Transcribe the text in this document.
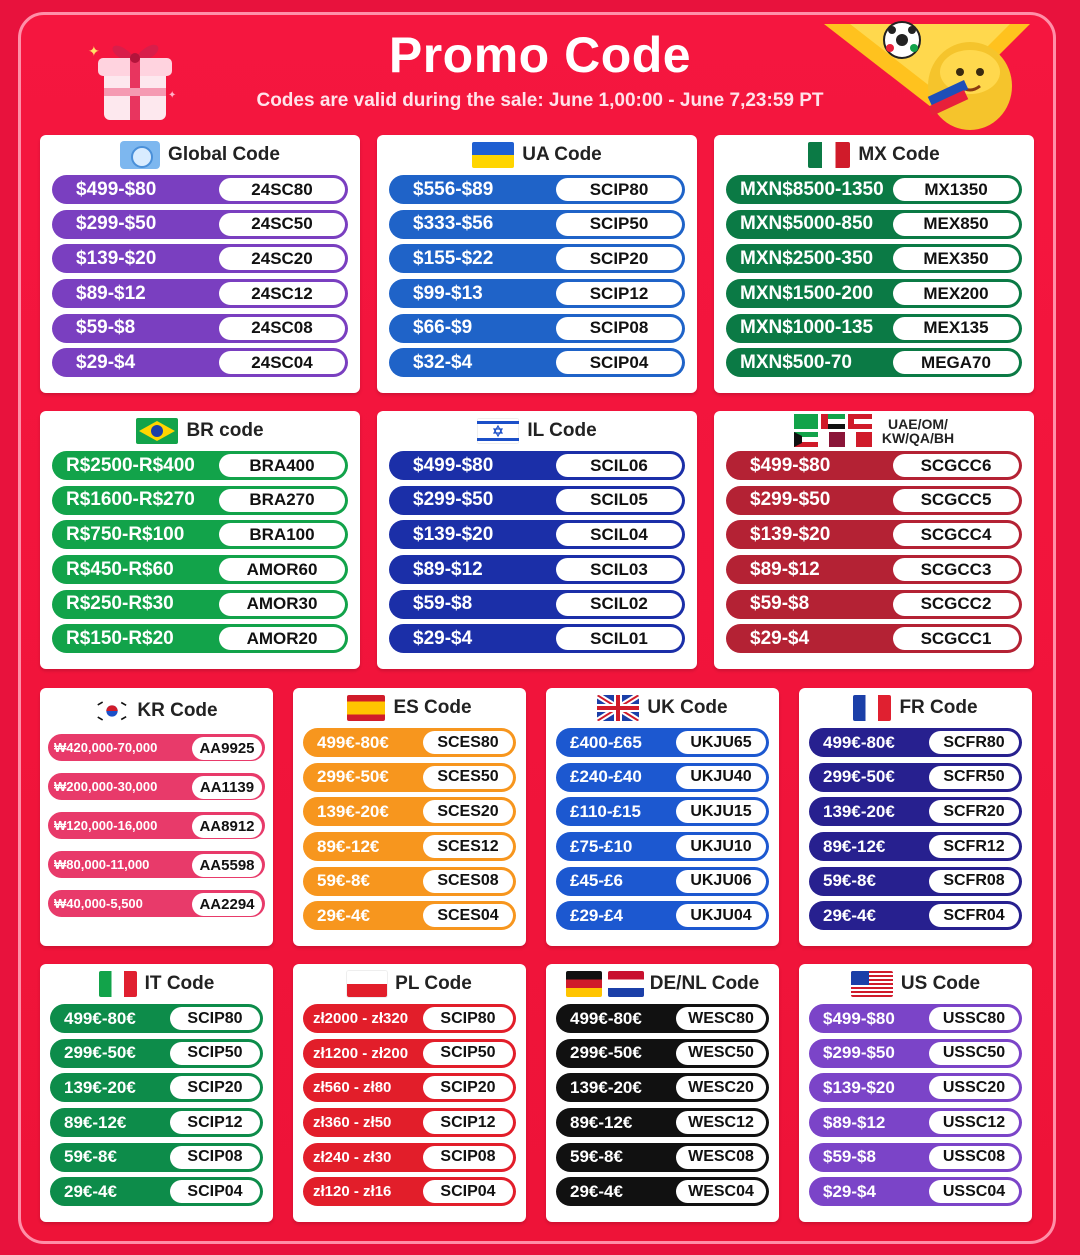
✦
✦
Promo Code
Codes are valid during the sale: June 1,00:00 - June 7,23:59 PT
Global Code
$499-$80	24SC80
$299-$50	24SC50
$139-$20	24SC20
$89-$12	24SC12
$59-$8	24SC08
$29-$4	24SC04
UA Code
$556-$89	SCIP80
$333-$56	SCIP50
$155-$22	SCIP20
$99-$13	SCIP12
$66-$9	SCIP08
$32-$4	SCIP04
MX Code
MXN$8500-1350	MX1350
MXN$5000-850	MEX850
MXN$2500-350	MEX350
MXN$1500-200	MEX200
MXN$1000-135	MEX135
MXN$500-70	MEGA70
BR code
R$2500-R$400	BRA400
R$1600-R$270	BRA270
R$750-R$100	BRA100
R$450-R$60	AMOR60
R$250-R$30	AMOR30
R$150-R$20	AMOR20
IL Code
$499-$80	SCIL06
$299-$50	SCIL05
$139-$20	SCIL04
$89-$12	SCIL03
$59-$8	SCIL02
$29-$4	SCIL01
UAE/OM/
KW/QA/BH
$499-$80	SCGCC6
$299-$50	SCGCC5
$139-$20	SCGCC4
$89-$12	SCGCC3
$59-$8	SCGCC2
$29-$4	SCGCC1
KR Code
₩420,000-70,000	AA9925
₩200,000-30,000	AA1139
₩120,000-16,000	AA8912
₩80,000-11,000	AA5598
₩40,000-5,500	AA2294
ES Code
499€-80€	SCES80
299€-50€	SCES50
139€-20€	SCES20
89€-12€	SCES12
59€-8€	SCES08
29€-4€	SCES04
UK Code
£400-£65	UKJU65
£240-£40	UKJU40
£110-£15	UKJU15
£75-£10	UKJU10
£45-£6	UKJU06
£29-£4	UKJU04
FR Code
499€-80€	SCFR80
299€-50€	SCFR50
139€-20€	SCFR20
89€-12€	SCFR12
59€-8€	SCFR08
29€-4€	SCFR04
IT Code
499€-80€	SCIP80
299€-50€	SCIP50
139€-20€	SCIP20
89€-12€	SCIP12
59€-8€	SCIP08
29€-4€	SCIP04
PL Code
zł2000 - zł320	SCIP80
zł1200 - zł200	SCIP50
zł560 - zł80	SCIP20
zł360 - zł50	SCIP12
zł240 - zł30	SCIP08
zł120 - zł16	SCIP04
DE/NL Code
499€-80€	WESC80
299€-50€	WESC50
139€-20€	WESC20
89€-12€	WESC12
59€-8€	WESC08
29€-4€	WESC04
US Code
$499-$80	USSC80
$299-$50	USSC50
$139-$20	USSC20
$89-$12	USSC12
$59-$8	USSC08
$29-$4	USSC04
